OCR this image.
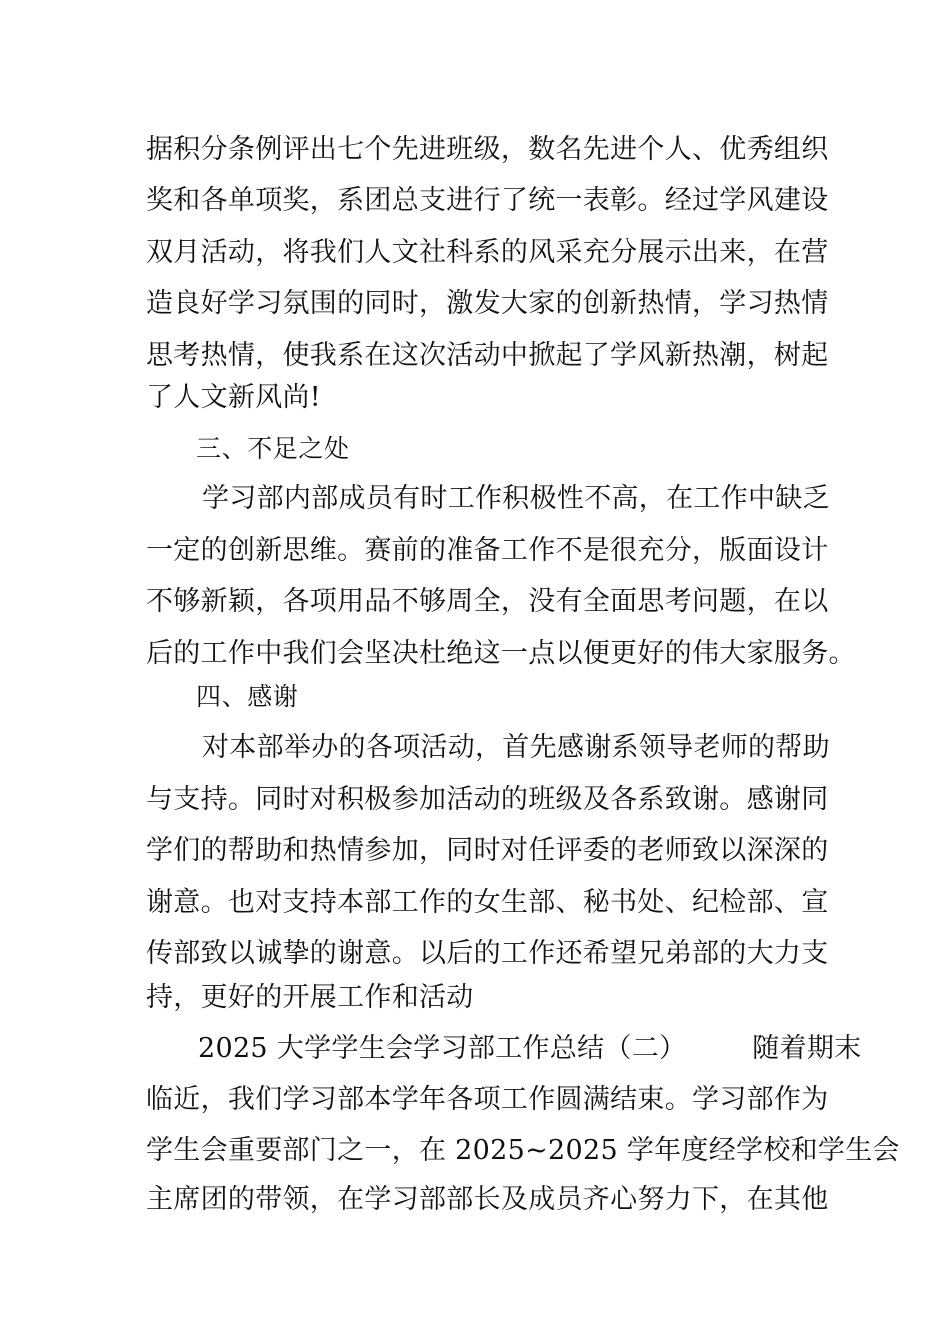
据积分条例评出七个先进班级，数名先进个人、优秀组织
奖和各单项奖，系团总支进行了统一表彰。经过学风建设
双月活动，将我们人文社科系的风采充分展示出来，在营
造良好学习氛围的同时，激发大家的创新热情，学习热情
思考热情，使我系在这次活动中掀起了学风新热潮，树起
了人文新风尚!
三、不足之处
学习部内部成员有时工作积极性不高，在工作中缺乏
一定的创新思维。赛前的准备工作不是很充分，版面设计
不够新颖，各项用品不够周全，没有全面思考问题，在以
后的工作中我们会坚决杜绝这一点以便更好的伟大家服务。
四、感谢
对本部举办的各项活动，首先感谢系领导老师的帮助
与支持。同时对积极参加活动的班级及各系致谢。感谢同
学们的帮助和热情参加，同时对任评委的老师致以深深的
谢意。也对支持本部工作的女生部、秘书处、纪检部、宣
传部致以诚挚的谢意。以后的工作还希望兄弟部的大力支
持，更好的开展工作和活动
2025 大学学生会学习部工作总结（二） 随着期末
临近，我们学习部本学年各项工作圆满结束。学习部作为
学生会重要部门之一，在 2025~2025 学年度经学校和学生会
主席团的带领，在学习部部长及成员齐心努力下，在其他
